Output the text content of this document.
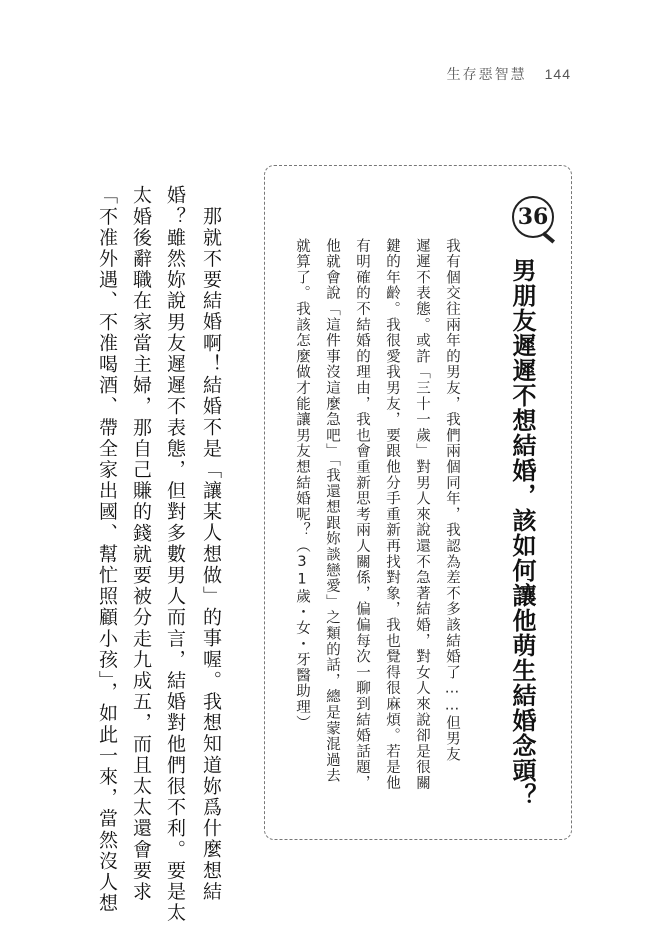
生存惡智慧 144
36
男朋友遲遲不想結婚，該如何讓他萌生結婚念頭？
我有個交往兩年的男友，我們兩個同年，我認為差不多該結婚了……但男友
遲遲不表態。或許「三十一歲」對男人來說還不急著結婚，對女人來說卻是很關
鍵的年齡。我很愛我男友，要跟他分手重新再找對象，我也覺得很麻煩。若是他
有明確的不結婚的理由，我也會重新思考兩人關係，偏偏每次一聊到結婚話題，
他就會說「這件事沒這麼急吧」「我還想跟妳談戀愛」之類的話，總是蒙混過去
就算了。我該怎麼做才能讓男友想結婚呢？（31歲・女・牙醫助理）
那就不要結婚啊！結婚不是「讓某人想做」的事喔。我想知道妳爲什麼想結
婚？雖然妳說男友遲遲不表態，但對多數男人而言，結婚對他們很不利。要是太
太婚後辭職在家當主婦，那自己賺的錢就要被分走九成五，而且太太還會要求
「不准外遇、不准喝酒、帶全家出國、幫忙照顧小孩」，如此一來，當然沒人想
